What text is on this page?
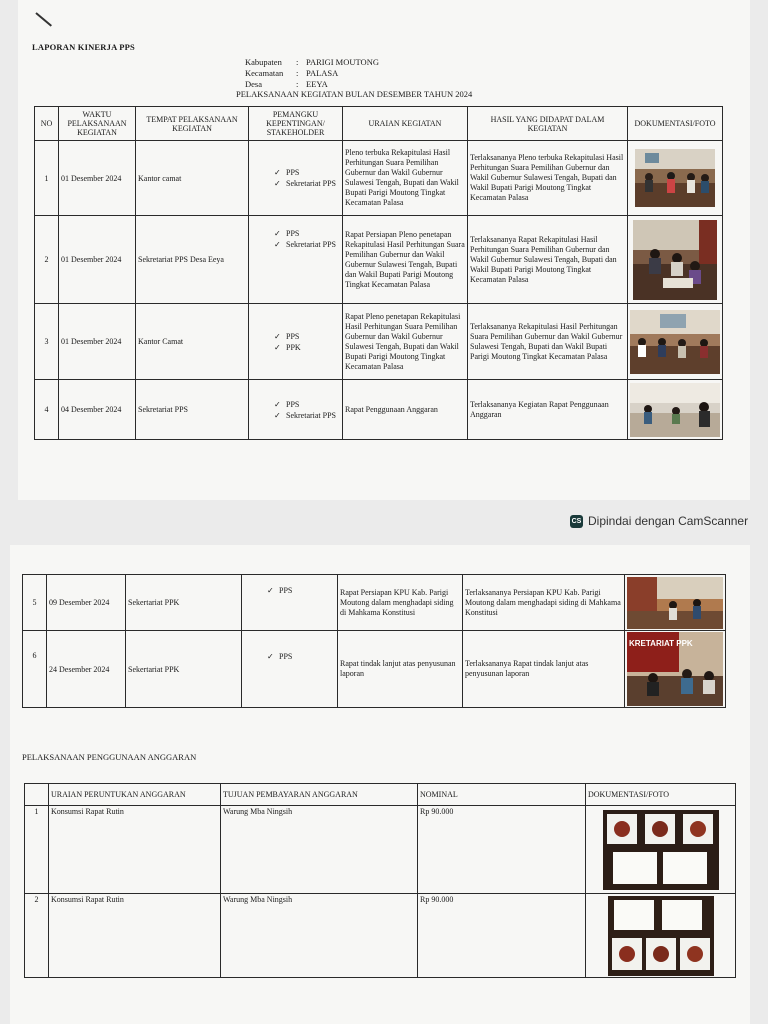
LAPORAN KINERJA PPS
Kabupaten	: PARIGI MOUTONG
Kecamatan	: PALASA
Desa	: EEYA
PELAKSANAAN KEGIATAN BULAN DESEMBER TAHUN 2024
NO	WAKTU PELAKSANAAN KEGIATAN	TEMPAT PELAKSANAAN KEGIATAN	PEMANGKU KEPENTINGAN/ STAKEHOLDER	URAIAN KEGIATAN	HASIL YANG DIDAPAT DALAM KEGIATAN	DOKUMENTASI/FOTO
1	01 Desember 2024	Kantor camat	✓ PPS
✓ Sekretariat PPS	Pleno terbuka Rekapitulasi Hasil Perhitungan Suara Pemilihan Gubernur dan Wakil Gubernur Sulawesi Tengah, Bupati dan Wakil Bupati Parigi Moutong Tingkat Kecamatan Palasa	Terlaksananya Pleno terbuka Rekapitulasi Hasil Perhitungan Suara Pemilihan Gubernur dan Wakil Gubernur Sulawesi Tengah, Bupati dan Wakil Bupati Parigi Moutong Tingkat Kecamatan Palasa	

2	01 Desember 2024	Sekretariat PPS Desa Eeya	✓ PPS
✓ Sekretariat PPS	Rapat Persiapan Pleno penetapan Rekapitulasi Hasil Perhitungan Suara Pemilihan Gubernur dan Wakil Gubernur Sulawesi Tengah, Bupati dan Wakil Bupati Parigi Moutong Tingkat Kecamatan Palasa	Terlaksananya Rapat Rekapitulasi Hasil Perhitungan Suara Pemilihan Gubernur dan Wakil Gubernur Sulawesi Tengah, Bupati dan Wakil Bupati Parigi Moutong Tingkat Kecamatan Palasa	

3	01 Desember 2024	Kantor Camat	✓ PPS
✓ PPK	Rapat Pleno penetapan Rekapitulasi Hasil Perhitungan Suara Pemilihan Gubernur dan Wakil Gubernur Sulawesi Tengah, Bupati dan Wakil Bupati Parigi Moutong Tingkat Kecamatan Palasa	Terlaksananya Rekapitulasi Hasil Perhitungan Suara Pemilihan Gubernur dan Wakil Gubernur Sulawesi Tengah, Bupati dan Wakil Bupati Parigi Moutong Tingkat Kecamatan Palasa	

4	04 Desember 2024	Sekretariat PPS	✓ PPS
✓ Sekretariat PPS	Rapat Penggunaan Anggaran	Terlaksananya Kegiatan Rapat Penggunaan Anggaran	
CS Dipindai dengan CamScanner
5	09 Desember 2024	Sekertariat PPK	✓ PPS	Rapat Persiapan KPU Kab. Parigi Moutong dalam menghadapi siding di Mahkama Konstitusi	Terlaksananya Persiapan KPU Kab. Parigi Moutong dalam menghadapi siding di Mahkama Konstitusi	

6	24 Desember 2024	Sekertariat PPK	✓ PPS	Rapat tindak lanjut atas penyusunan laporan	Terlaksananya Rapat tindak lanjut atas penyusunan laporan	KRETARIAT PPK
PELAKSANAAN PENGGUNAAN ANGGARAN
	URAIAN PERUNTUKAN ANGGARAN	TUJUAN PEMBAYARAN ANGGARAN	NOMINAL	DOKUMENTASI/FOTO
1	Konsumsi Rapat Rutin	Warung Mba Ningsih	Rp 90.000	

2	Konsumsi Rapat Rutin	Warung Mba Ningsih	Rp 90.000	
